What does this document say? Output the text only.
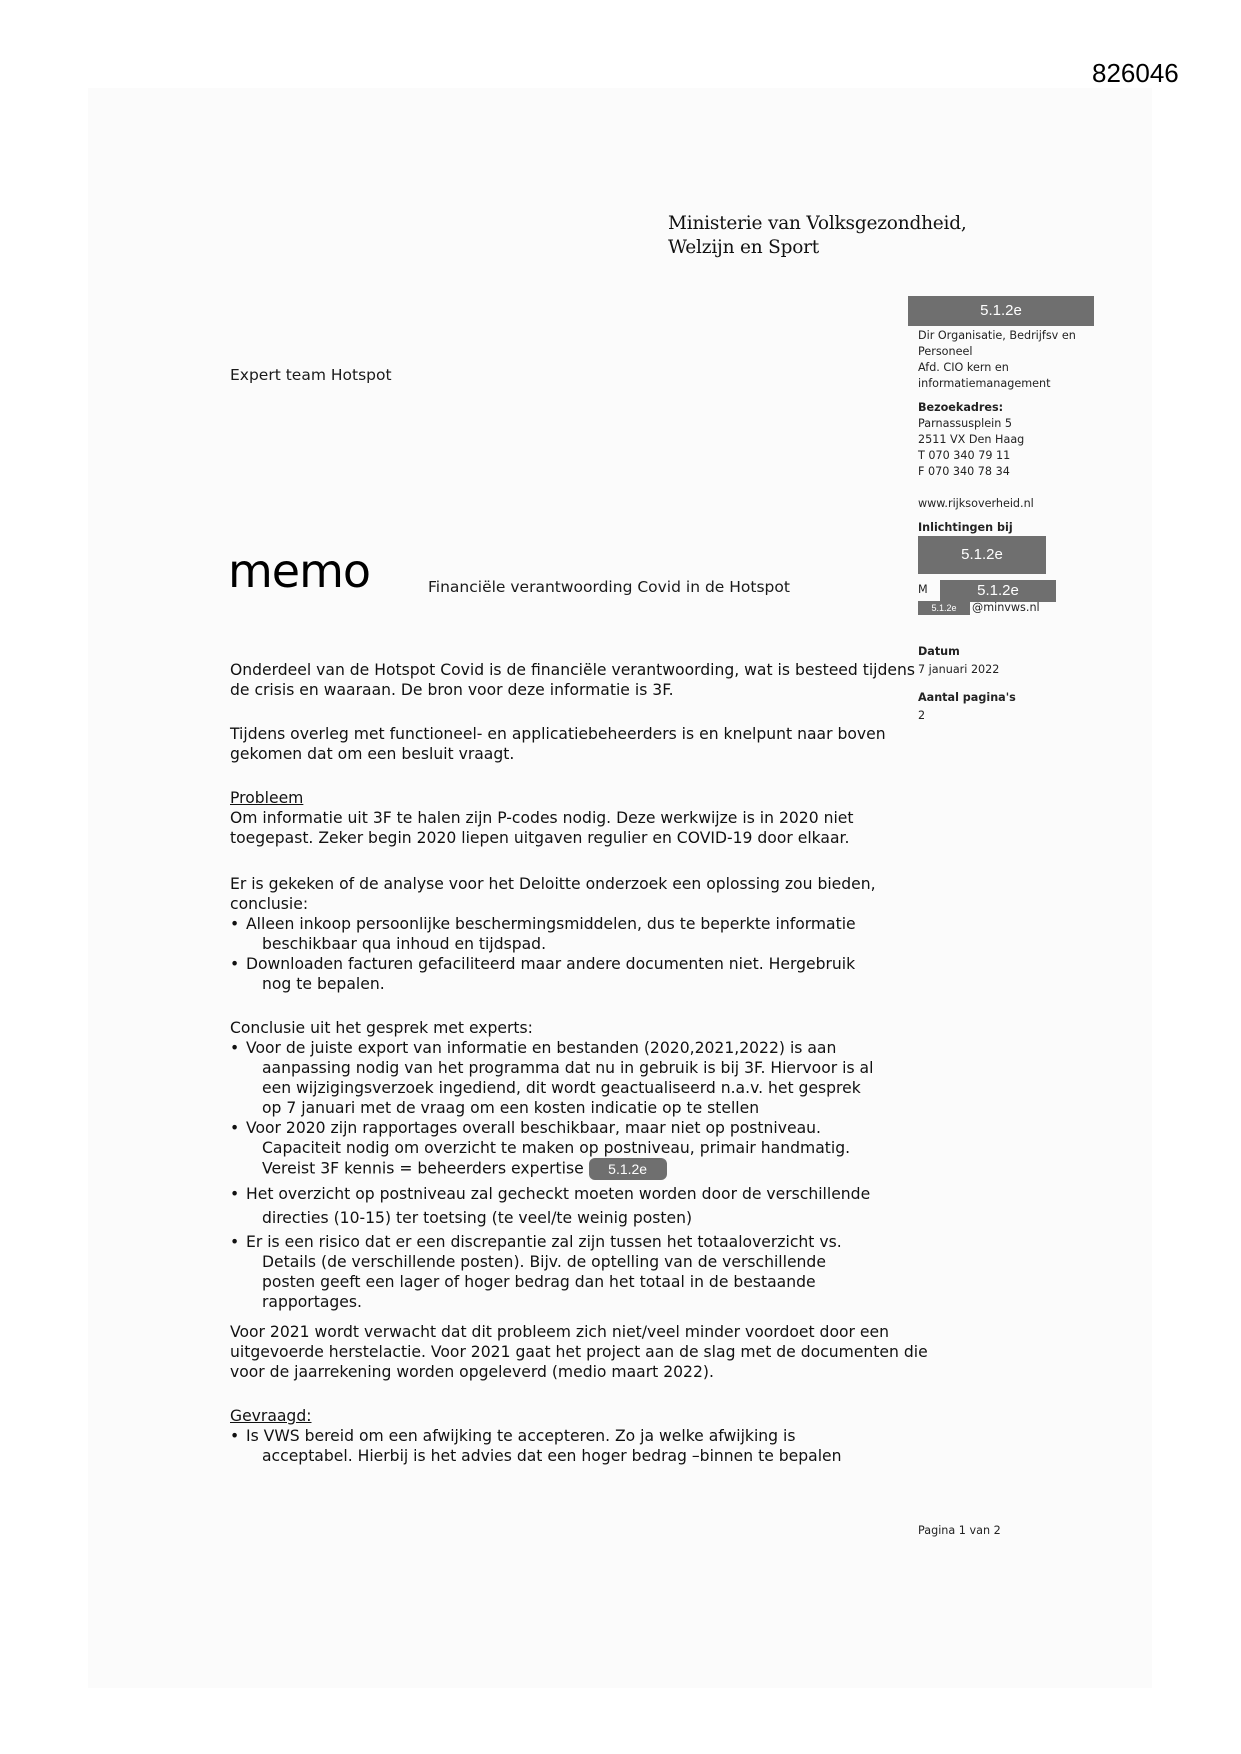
826046
Ministerie van Volksgezondheid,
Welzijn en Sport
Expert team Hotspot
5.1.2e
Dir Organisatie, Bedrijfsv en
Personeel
Afd. CIO kern en
informatiemanagement
Bezoekadres:
Parnassusplein 5
2511 VX Den Haag
T 070 340 79 11
F 070 340 78 34
www.rijksoverheid.nl
Inlichtingen bij
5.1.2e
M	5.1.2e
5.1.2e	@minvws.nl
Datum
7 januari 2022
Aantal pagina's
2
memo	Financiële verantwoording Covid in de Hotspot

Onderdeel van de Hotspot Covid is de financiële verantwoording, wat is besteed tijdens de crisis en waaraan. De bron voor deze informatie is 3F.

Tijdens overleg met functioneel- en applicatiebeheerders is en knelpunt naar boven gekomen dat om een besluit vraagt.

Probleem

Om informatie uit 3F te halen zijn P-codes nodig. Deze werkwijze is in 2020 niet toegepast. Zeker begin 2020 liepen uitgaven regulier en COVID-19 door elkaar.

Er is gekeken of de analyse voor het Deloitte onderzoek een oplossing zou bieden, conclusie:

• Alleen inkoop persoonlijke beschermingsmiddelen, dus te beperkte informatie
beschikbaar qua inhoud en tijdspad.
• Downloaden facturen gefaciliteerd maar andere documenten niet. Hergebruik
nog te bepalen.

Conclusie uit het gesprek met experts:

• Voor de juiste export van informatie en bestanden (2020,2021,2022) is aan
aanpassing nodig van het programma dat nu in gebruik is bij 3F. Hiervoor is al
een wijzigingsverzoek ingediend, dit wordt geactualiseerd n.a.v. het gesprek
op 7 januari met de vraag om een kosten indicatie op te stellen
• Voor 2020 zijn rapportages overall beschikbaar, maar niet op postniveau.
Capaciteit nodig om overzicht te maken op postniveau, primair handmatig.
Vereist 3F kennis = beheerders expertise 5.1.2e
• Het overzicht op postniveau zal gecheckt moeten worden door de verschillende
directies (10-15) ter toetsing (te veel/te weinig posten)
• Er is een risico dat er een discrepantie zal zijn tussen het totaaloverzicht vs.
Details (de verschillende posten). Bijv. de optelling van de verschillende
posten geeft een lager of hoger bedrag dan het totaal in de bestaande
rapportages.

Voor 2021 wordt verwacht dat dit probleem zich niet/veel minder voordoet door een uitgevoerde herstelactie. Voor 2021 gaat het project aan de slag met de documenten die voor de jaarrekening worden opgeleverd (medio maart 2022).

Gevraagd:

• Is VWS bereid om een afwijking te accepteren. Zo ja welke afwijking is
acceptabel. Hierbij is het advies dat een hoger bedrag –binnen te bepalen
Pagina 1 van 2
